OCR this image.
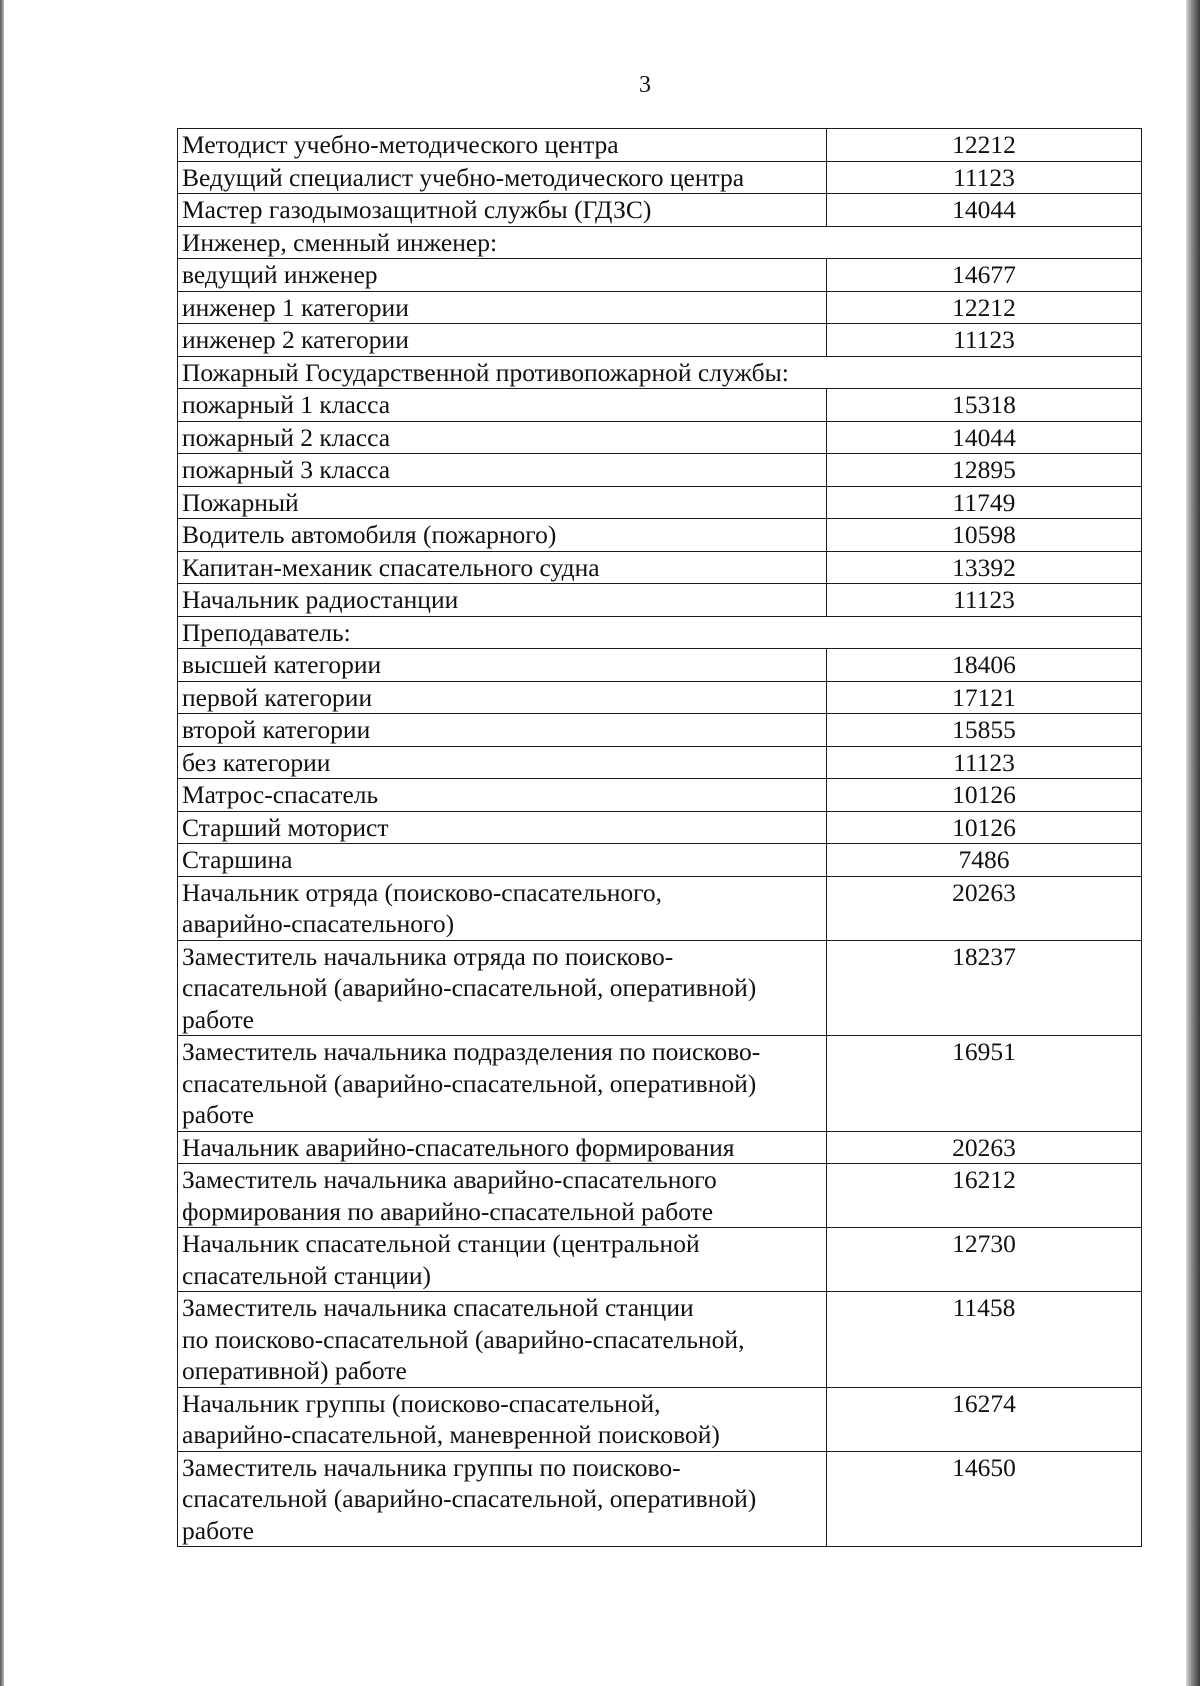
3
Методист учебно-методического центра	12212
Ведущий специалист учебно-методического центра	11123
Мастер газодымозащитной службы (ГДЗС)	14044
Инженер, сменный инженер:	
ведущий инженер	14677
инженер 1 категории	12212
инженер 2 категории	11123
Пожарный Государственной противопожарной службы:	
пожарный 1 класса	15318
пожарный 2 класса	14044
пожарный 3 класса	12895
Пожарный	11749
Водитель автомобиля (пожарного)	10598
Капитан-механик спасательного судна	13392
Начальник радиостанции	11123
Преподаватель:	
высшей категории	18406
первой категории	17121
второй категории	15855
без категории	11123
Матрос-спасатель	10126
Старший моторист	10126
Старшина	7486
Начальник отряда (поисково-спасательного,
аварийно-спасательного)	20263
Заместитель начальника отряда по поисково-
спасательной (аварийно-спасательной, оперативной)
работе	18237
Заместитель начальника подразделения по поисково-
спасательной (аварийно-спасательной, оперативной)
работе	16951
Начальник аварийно-спасательного формирования	20263
Заместитель начальника аварийно-спасательного
формирования по аварийно-спасательной работе	16212
Начальник спасательной станции (центральной
спасательной станции)	12730
Заместитель начальника спасательной станции
по поисково-спасательной (аварийно-спасательной,
оперативной) работе	11458
Начальник группы (поисково-спасательной,
аварийно-спасательной, маневренной поисковой)	16274
Заместитель начальника группы по поисково-
спасательной (аварийно-спасательной, оперативной)
работе	14650
